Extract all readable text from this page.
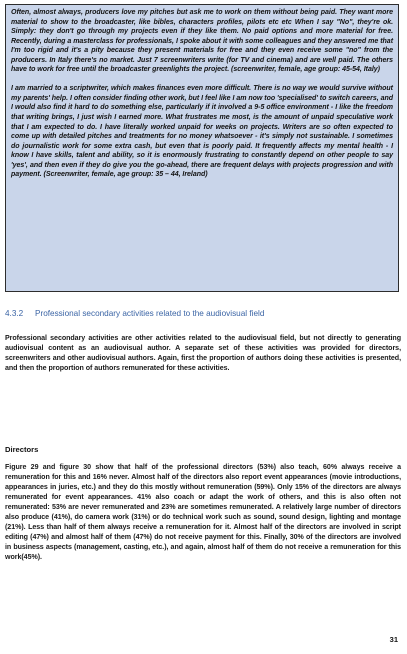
Often, almost always, producers love my pitches but ask me to work on them without being paid. They want more material to show to the broadcaster, like bibles, characters profiles, pilots etc etc When I say "No", they're ok. Simply: they don't go through my projects even if they like them. No paid options and more material for free. Recently, during a masterclass for professionals, I spoke about it with some colleagues and they answered me that I'm too rigid and it's a pity because they present materials for free and they even receive some "no" from the producers. In Italy there's no market. Just 7 screenwriters write (for TV and cinema) and are well paid. The others have to work for free until the broadcaster greenlights the project. (screenwriter, female, age group: 45-54, Italy)

I am married to a scriptwriter, which makes finances even more difficult. There is no way we would survive without my parents' help. I often consider finding other work, but I feel like I am now too 'specialised' to switch careers, and I would also find it hard to do something else, particularly if it involved a 9-5 office environment - I like the freedom that writing brings, I just wish I earned more. What frustrates me most, is the amount of unpaid speculative work that I am expected to do. I have literally worked unpaid for weeks on projects. Writers are so often expected to come up with detailed pitches and treatments for no money whatsoever - it's simply not sustainable. I sometimes do journalistic work for some extra cash, but even that is poorly paid. It frequently affects my mental health - I know I have skills, talent and ability, so it is enormously frustrating to constantly depend on other people to say 'yes', and then even if they do give you the go-ahead, there are frequent delays with projects progression and with payment. (Screenwriter, female, age group: 35 – 44, Ireland)

4.3.2 Professional secondary activities related to the audiovisual field

Professional secondary activities are other activities related to the audiovisual field, but not directly to generating audiovisual content as an audiovisual author. A separate set of these activities was provided for directors, screenwriters and other audiovisual authors. Again, first the proportion of authors doing these activities is presented, and then the proportion of authors remunerated for these activities.

Directors

Figure 29 and figure 30 show that half of the professional directors (53%) also teach, 60% always receive a remuneration for this and 16% never. Almost half of the directors also report event appearances (movie introductions, appearances in juries, etc.) and they do this mostly without remuneration (59%). Only 15% of the directors are always remunerated for event appearances. 41% also coach or adapt the work of others, and this is also often not remunerated: 53% are never remunerated and 23% are sometimes remunerated. A relatively large number of directors also produce (41%), do camera work (31%) or do technical work such as sound, sound design, lighting and montage (21%). Less than half of them always receive a remuneration for it. Almost half of the directors are involved in script editing (47%) and almost half of them (47%) do not receive payment for this. Finally, 30% of the directors are involved in business aspects (management, casting, etc.), and again, almost half of them do not receive a remuneration for this work(45%).

31
